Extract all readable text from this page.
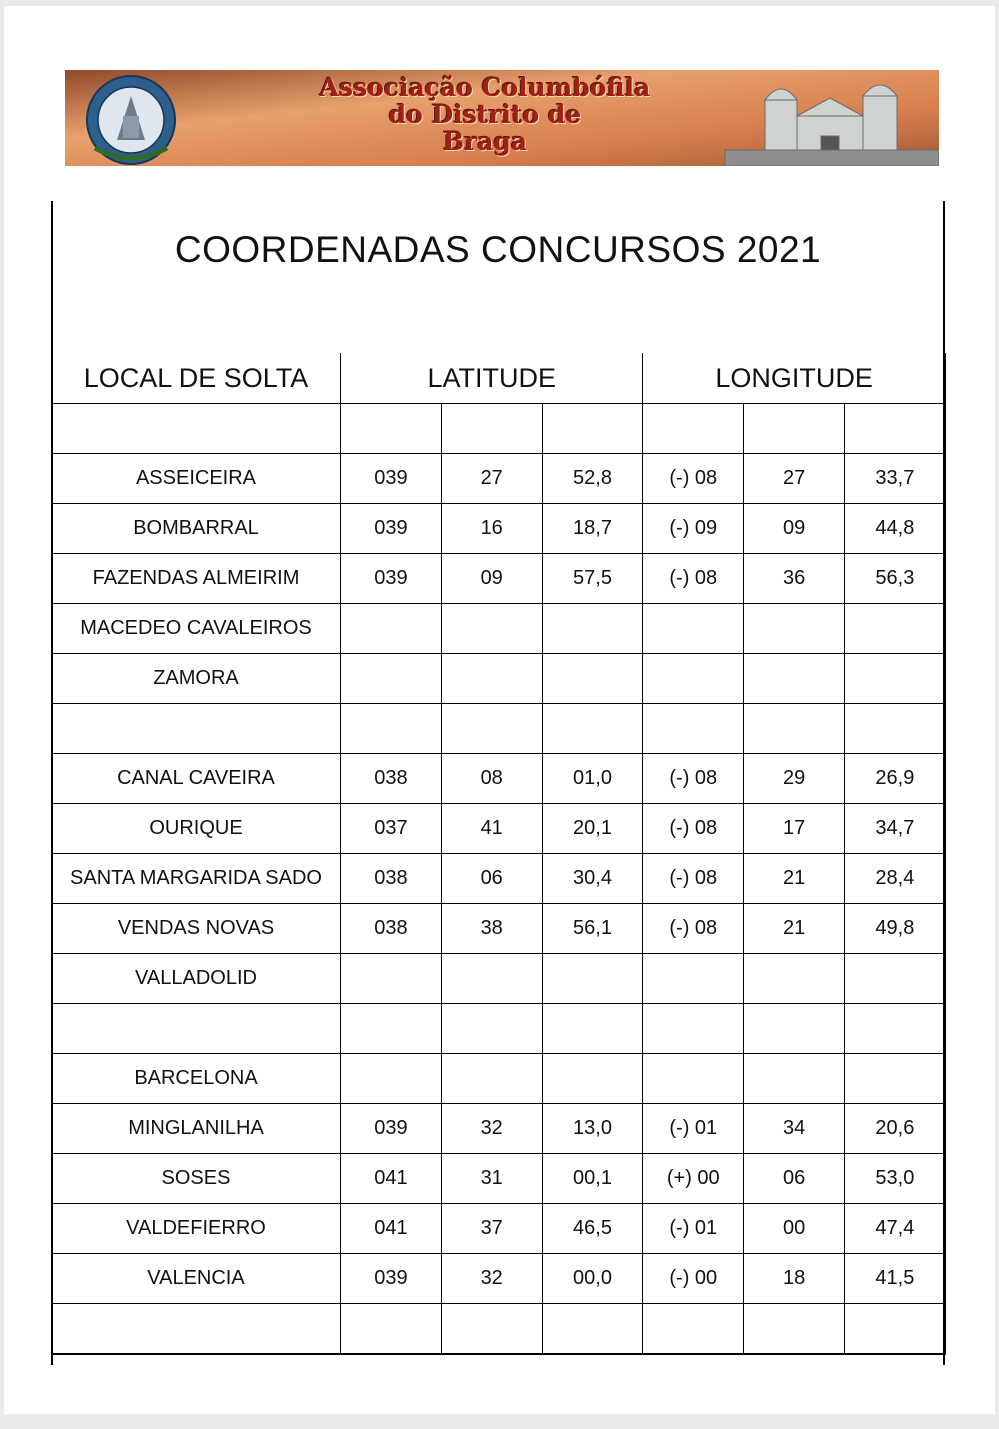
Associação Columbófila
do Distrito de
Braga
COORDENADAS CONCURSOS 2021
LOCAL DE SOLTA	LATITUDE			LONGITUDE		

ASSEICEIRA	039	27	52,8	(-) 08	27	33,7
BOMBARRAL	039	16	18,7	(-) 09	09	44,8
FAZENDAS ALMEIRIM	039	09	57,5	(-) 08	36	56,3
MACEDEO CAVALEIROS						
ZAMORA						

CANAL CAVEIRA	038	08	01,0	(-) 08	29	26,9
OURIQUE	037	41	20,1	(-) 08	17	34,7
SANTA MARGARIDA SADO	038	06	30,4	(-) 08	21	28,4
VENDAS NOVAS	038	38	56,1	(-) 08	21	49,8
VALLADOLID						

BARCELONA						
MINGLANILHA	039	32	13,0	(-) 01	34	20,6
SOSES	041	31	00,1	(+) 00	06	53,0
VALDEFIERRO	041	37	46,5	(-) 01	00	47,4
VALENCIA	039	32	00,0	(-) 00	18	41,5
